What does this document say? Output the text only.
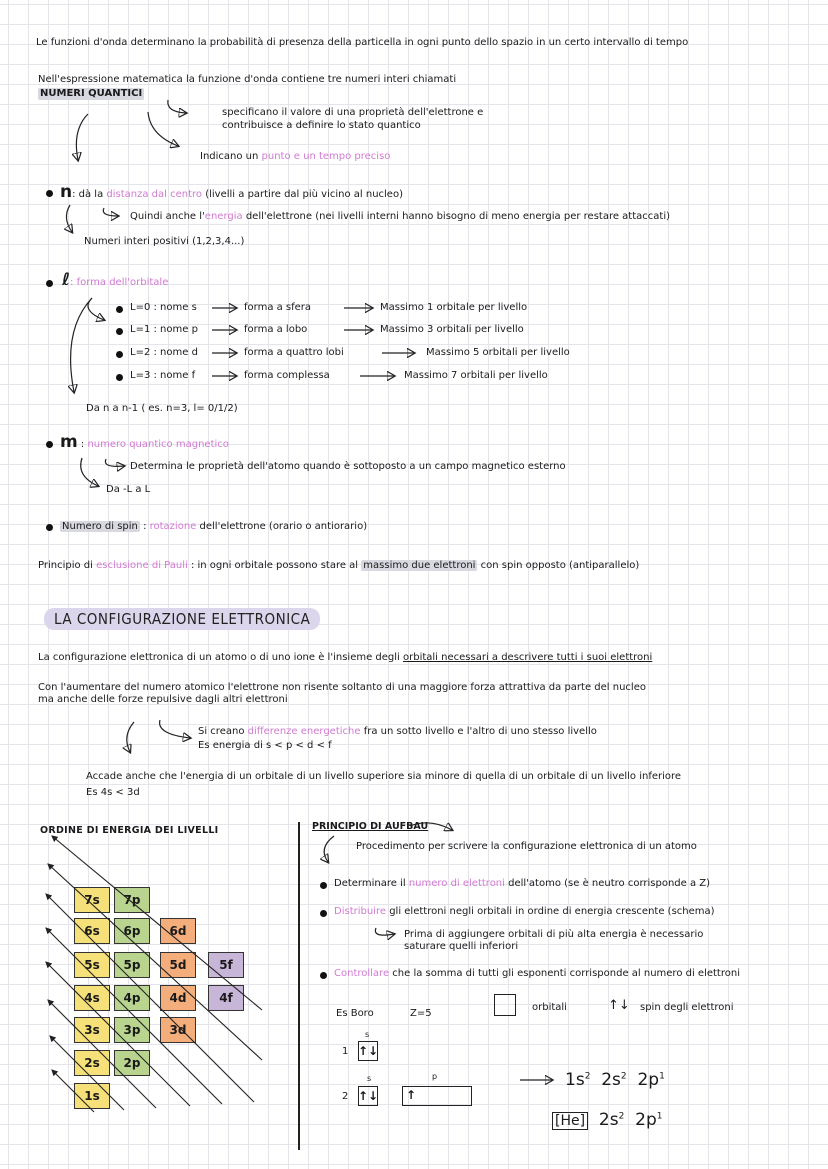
Le funzioni d'onda determinano la probabilità di presenza della particella in ogni punto dello spazio in un certo intervallo di tempo
Nell'espressione matematica la funzione d'onda contiene tre numeri interi chiamati
NUMERI QUANTICI
specificano il valore di una proprietà dell'elettrone e
contribuisce a definire lo stato quantico
Indicano un punto e un tempo preciso
n: dà la distanza dal centro (livelli a partire dal più vicino al nucleo)
Quindi anche l'energia dell'elettrone (nei livelli interni hanno bisogno di meno energia per restare attaccati)
Numeri interi positivi (1,2,3,4...)
ℓ: forma dell'orbitale
L=0 : nome s	forma a sfera	Massimo 1 orbitale per livello
L=1 : nome p	forma a lobo	Massimo 3 orbitali per livello
L=2 : nome d	forma a quattro lobi	Massimo 5 orbitali per livello
L=3 : nome f	forma complessa	Massimo 7 orbitali per livello
Da n a n-1 ( es. n=3, l= 0/1/2)
m : numero quantico magnetico
Determina le proprietà dell'atomo quando è sottoposto a un campo magnetico esterno
Da -L a L
Numero di spin : rotazione dell'elettrone (orario o antiorario)
Principio di esclusione di Pauli : in ogni orbitale possono stare al massimo due elettroni con spin opposto (antiparallelo)
LA CONFIGURAZIONE ELETTRONICA
La configurazione elettronica di un atomo o di uno ione è l'insieme degli orbitali necessari a descrivere tutti i suoi elettroni
Con l'aumentare del numero atomico l'elettrone non risente soltanto di una maggiore forza attrattiva da parte del nucleo
ma anche delle forze repulsive dagli altri elettroni
Si creano differenze energetiche fra un sotto livello e l'altro di uno stesso livello
Es energia di s < p < d < f
Accade anche che l'energia di un orbitale di un livello superiore sia minore di quella di un orbitale di un livello inferiore
Es 4s < 3d
ORDINE DI ENERGIA DEI LIVELLI
7s	7p
6s	6p	6d
5s	5p	5d	5f
4s	4p	4d	4f
3s	3p	3d
2s	2p
1s
PRINCIPIO DI AUFBAU
Procedimento per scrivere la configurazione elettronica di un atomo
Determinare il numero di elettroni dell'atomo (se è neutro corrisponde a Z)
Distribuire gli elettroni negli orbitali in ordine di energia crescente (schema)
Prima di aggiungere orbitali di più alta energia è necessario
saturare quelli inferiori
Controllare che la somma di tutti gli esponenti corrisponde al numero di elettroni
Es Boro	Z=5
orbitali	↑↓ spin degli elettroni
s
1 ↑↓
s	p
2 ↑↓ ↑
$1s^2$ $2s^2$ $2p^1$
[He] $2s^2$ $2p^1$
